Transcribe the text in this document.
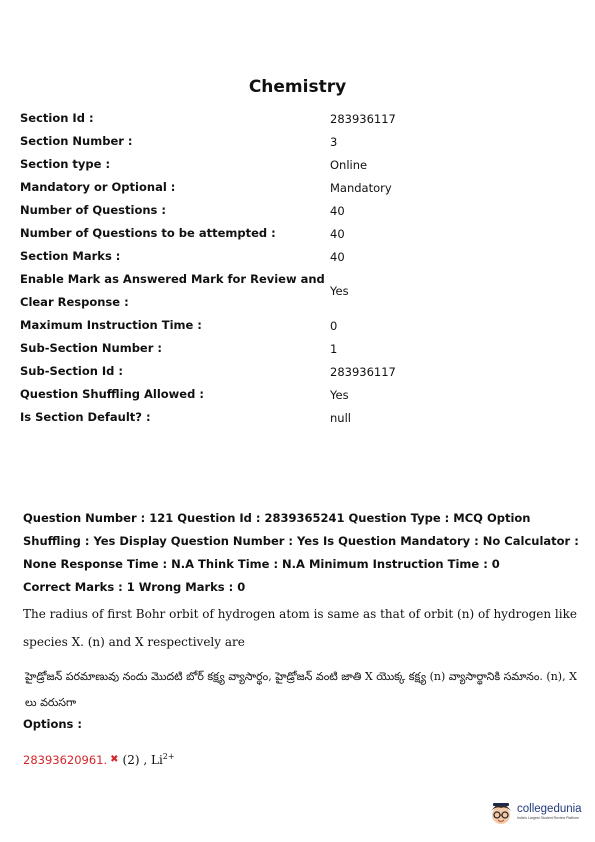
Chemistry
Section Id :	283936117
Section Number :	3
Section type :	Online
Mandatory or Optional :	Mandatory
Number of Questions :	40
Number of Questions to be attempted :	40
Section Marks :	40
Enable Mark as Answered Mark for Review and Clear Response :
Yes
Maximum Instruction Time :	0
Sub-Section Number :	1
Sub-Section Id :	283936117
Question Shuffling Allowed :	Yes
Is Section Default? :	null
Question Number : 121 Question Id : 2839365241 Question Type : MCQ Option Shuffling : Yes Display Question Number : Yes Is Question Mandatory : No Calculator : None Response Time : N.A Think Time : N.A Minimum Instruction Time : 0
Correct Marks : 1 Wrong Marks : 0
The radius of first Bohr orbit of hydrogen atom is same as that of orbit (n) of hydrogen like species X. (n) and X respectively are
హైడ్రోజన్ పరమాణువు నందు మొదటి బోర్ కక్ష్య వ్యాసార్థం, హైడ్రోజన్ వంటి జాతి X యొక్క కక్ష్య (n) వ్యాసార్థానికి సమానం. (n), X లు వరుసగా
Options :
28393620961. ✖ (2) , $Li^{2+}$
collegedunia
India's Largest Student Review Platform
